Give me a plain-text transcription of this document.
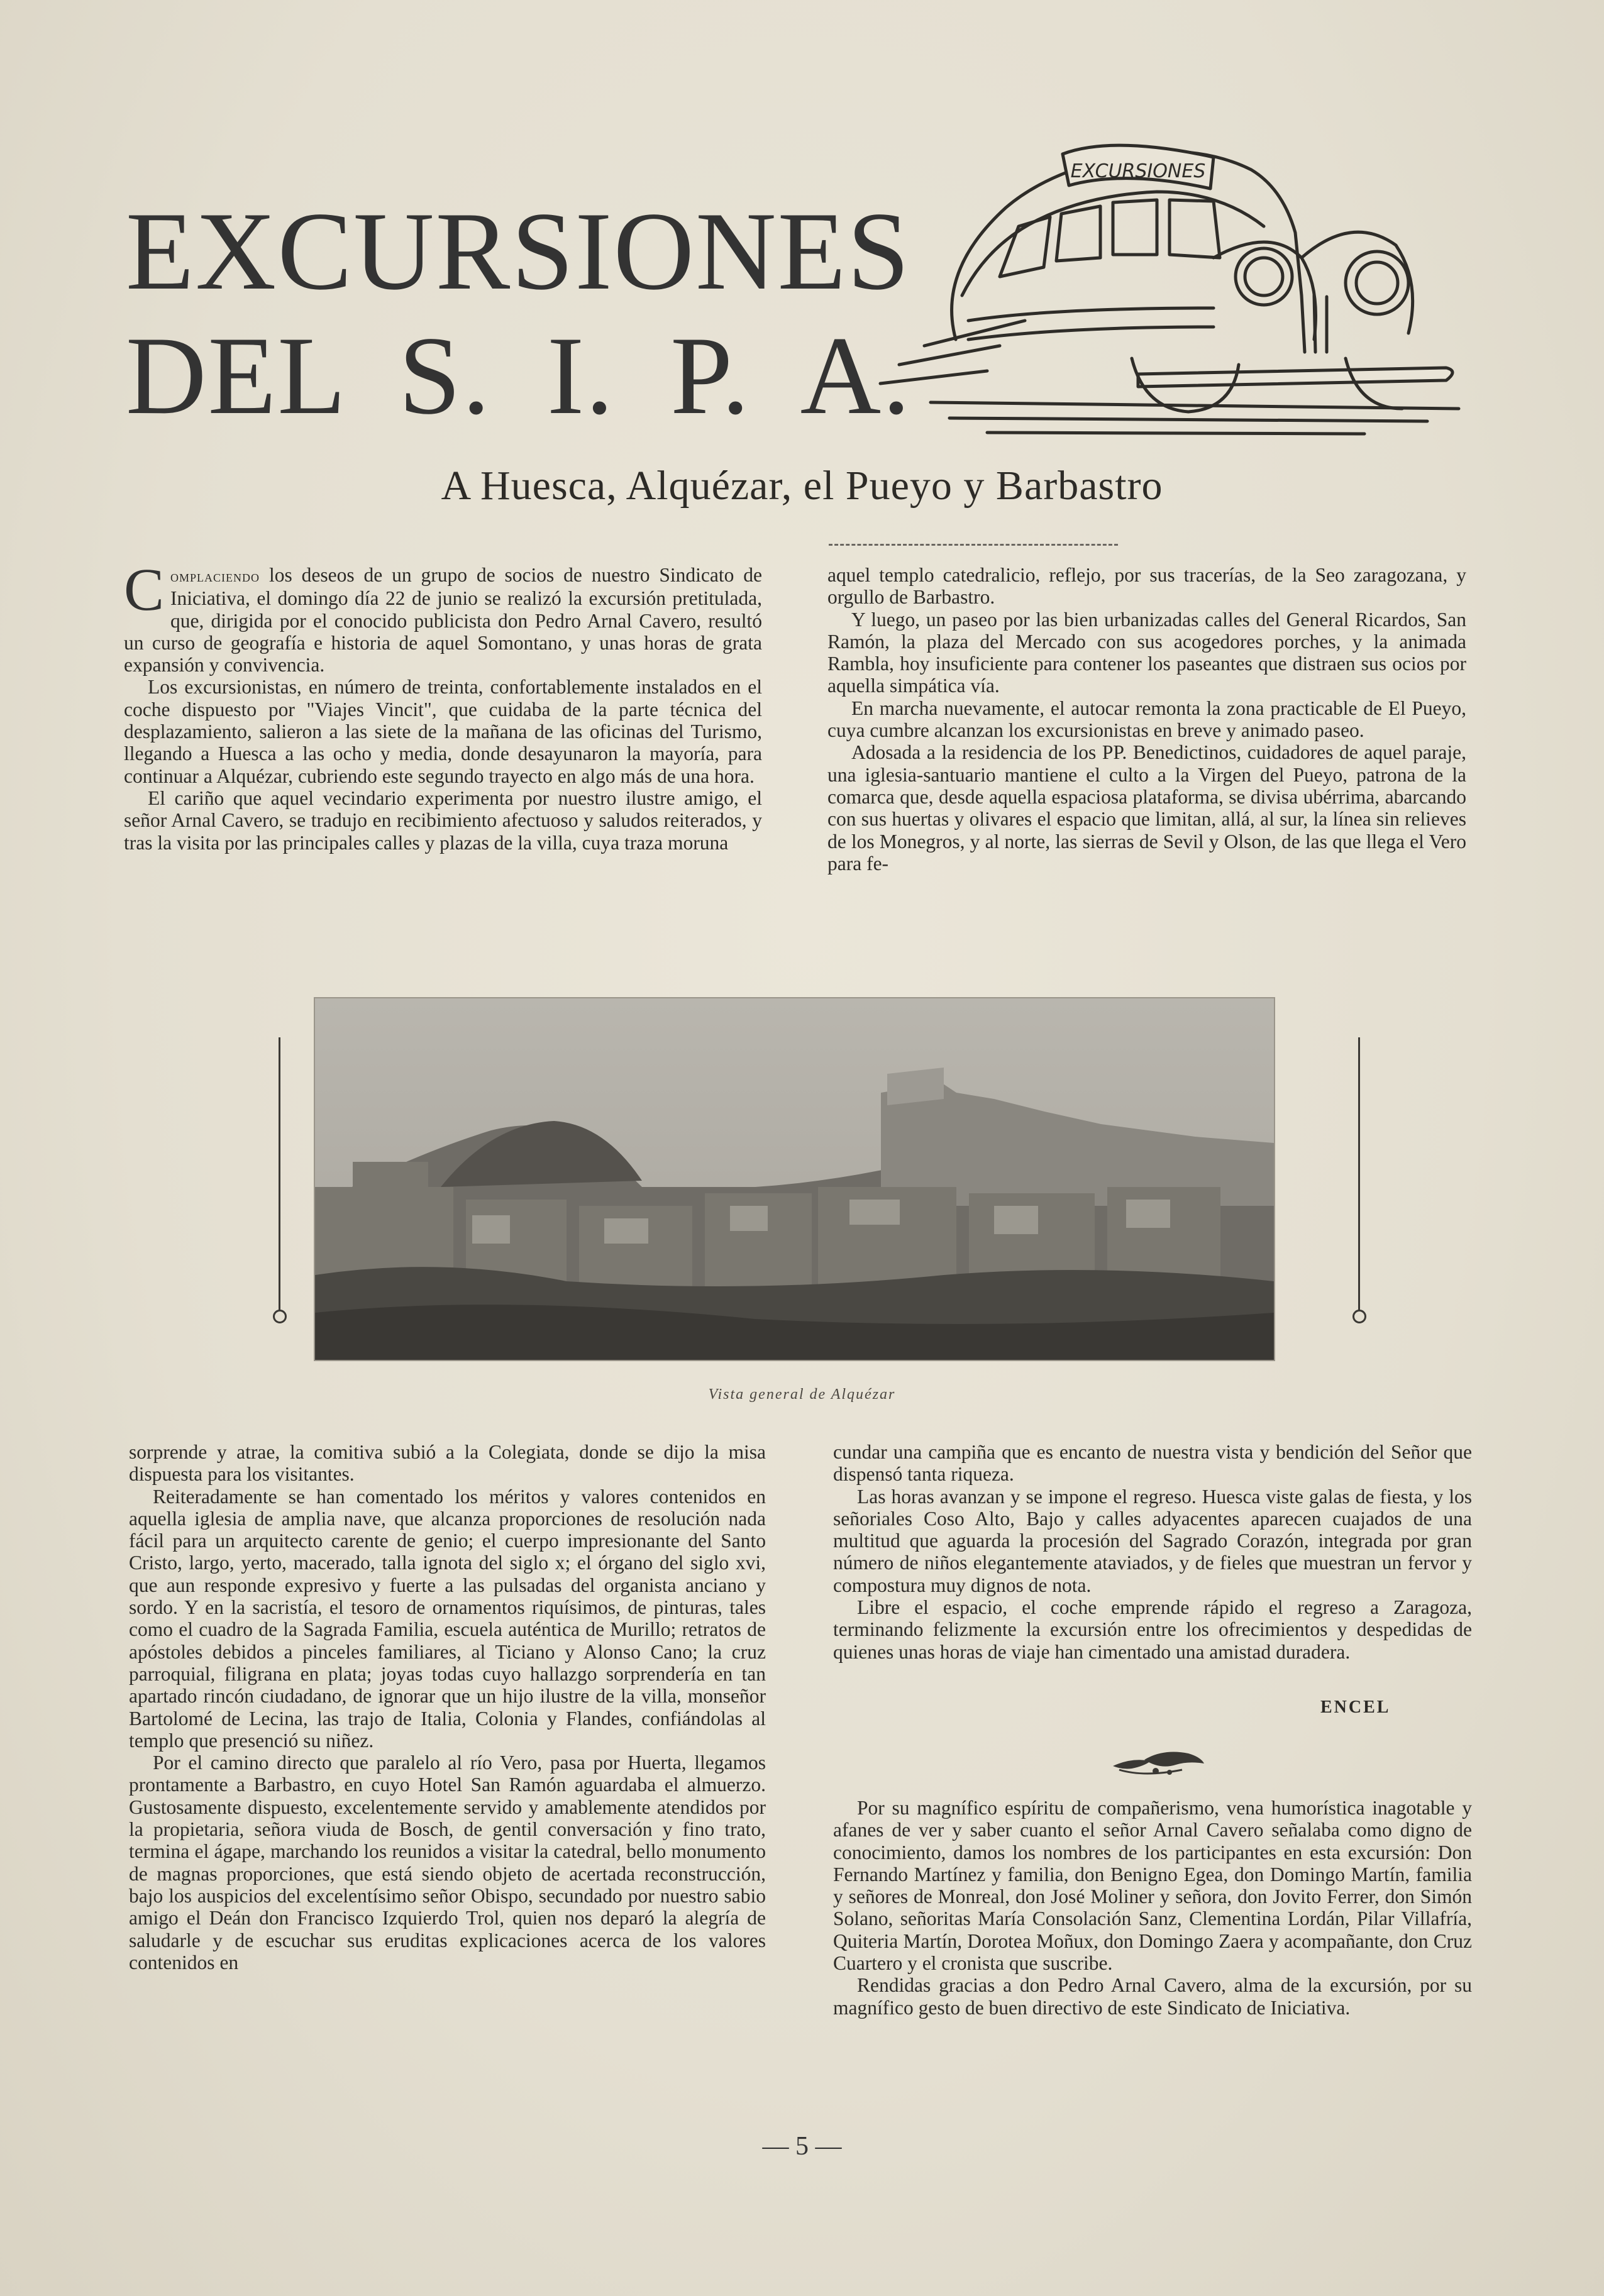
EXCURSIONES
DEL S. I. P. A.
EXCURSIONES
A Huesca, Alquézar, el Pueyo y Barbastro

Complaciendo los deseos de un grupo de socios de nuestro Sindicato de Iniciativa, el domingo día 22 de junio se realizó la excursión pretitulada, que, dirigida por el conocido publicista don Pedro Arnal Cavero, resultó un curso de geografía e historia de aquel Somontano, y unas horas de grata expansión y convivencia.

Los excursionistas, en número de treinta, confortablemente instalados en el coche dispuesto por "Viajes Vincit", que cuidaba de la parte técnica del desplazamiento, salieron a las siete de la mañana de las oficinas del Turismo, llegando a Huesca a las ocho y media, donde desayunaron la mayoría, para continuar a Alquézar, cubriendo este segundo trayecto en algo más de una hora.

El cariño que aquel vecindario experimenta por nuestro ilustre amigo, el señor Arnal Cavero, se tradujo en recibimiento afectuoso y saludos reiterados, y tras la visita por las principales calles y plazas de la villa, cuya traza moruna

aquel templo catedralicio, reflejo, por sus tracerías, de la Seo zaragozana, y orgullo de Barbastro.

Y luego, un paseo por las bien urbanizadas calles del General Ricardos, San Ramón, la plaza del Mercado con sus acogedores porches, y la animada Rambla, hoy insuficiente para contener los paseantes que distraen sus ocios por aquella simpática vía.

En marcha nuevamente, el autocar remonta la zona practicable de El Pueyo, cuya cumbre alcanzan los excursionistas en breve y animado paseo.

Adosada a la residencia de los PP. Benedictinos, cuidadores de aquel paraje, una iglesia-santuario mantiene el culto a la Virgen del Pueyo, patrona de la comarca que, desde aquella espaciosa plataforma, se divisa ubérrima, abarcando con sus huertas y olivares el espacio que limitan, allá, al sur, la línea sin relieves de los Monegros, y al norte, las sierras de Sevil y Olson, de las que llega el Vero para fe-

Vista general de Alquézar

sorprende y atrae, la comitiva subió a la Colegiata, donde se dijo la misa dispuesta para los visitantes.

Reiteradamente se han comentado los méritos y valores contenidos en aquella iglesia de amplia nave, que alcanza proporciones de resolución nada fácil para un arquitecto carente de genio; el cuerpo impresionante del Santo Cristo, largo, yerto, macerado, talla ignota del siglo x; el órgano del siglo xvi, que aun responde expresivo y fuerte a las pulsadas del organista anciano y sordo. Y en la sacristía, el tesoro de ornamentos riquísimos, de pinturas, tales como el cuadro de la Sagrada Familia, escuela auténtica de Murillo; retratos de apóstoles debidos a pinceles familiares, al Ticiano y Alonso Cano; la cruz parroquial, filigrana en plata; joyas todas cuyo hallazgo sorprendería en tan apartado rincón ciudadano, de ignorar que un hijo ilustre de la villa, monseñor Bartolomé de Lecina, las trajo de Italia, Colonia y Flandes, confiándolas al templo que presenció su niñez.

Por el camino directo que paralelo al río Vero, pasa por Huerta, llegamos prontamente a Barbastro, en cuyo Hotel San Ramón aguardaba el almuerzo. Gustosamente dispuesto, excelentemente servido y amablemente atendidos por la propietaria, señora viuda de Bosch, de gentil conversación y fino trato, termina el ágape, marchando los reunidos a visitar la catedral, bello monumento de magnas proporciones, que está siendo objeto de acertada reconstrucción, bajo los auspicios del excelentísimo señor Obispo, secundado por nuestro sabio amigo el Deán don Francisco Izquierdo Trol, quien nos deparó la alegría de saludarle y de escuchar sus eruditas explicaciones acerca de los valores contenidos en

cundar una campiña que es encanto de nuestra vista y bendición del Señor que dispensó tanta riqueza.

Las horas avanzan y se impone el regreso. Huesca viste galas de fiesta, y los señoriales Coso Alto, Bajo y calles adyacentes aparecen cuajados de una multitud que aguarda la procesión del Sagrado Corazón, integrada por gran número de niños elegantemente ataviados, y de fieles que muestran un fervor y compostura muy dignos de nota.

Libre el espacio, el coche emprende rápido el regreso a Zaragoza, terminando felizmente la excursión entre los ofrecimientos y despedidas de quienes unas horas de viaje han cimentado una amistad duradera.

ENCEL

Por su magnífico espíritu de compañerismo, vena humorística inagotable y afanes de ver y saber cuanto el señor Arnal Cavero señalaba como digno de conocimiento, damos los nombres de los participantes en esta excursión: Don Fernando Martínez y familia, don Benigno Egea, don Domingo Martín, familia y señores de Monreal, don José Moliner y señora, don Jovito Ferrer, don Simón Solano, señoritas María Consolación Sanz, Clementina Lordán, Pilar Villafría, Quiteria Martín, Dorotea Moñux, don Domingo Zaera y acompañante, don Cruz Cuartero y el cronista que suscribe.

Rendidas gracias a don Pedro Arnal Cavero, alma de la excursión, por su magnífico gesto de buen directivo de este Sindicato de Iniciativa.

— 5 —
